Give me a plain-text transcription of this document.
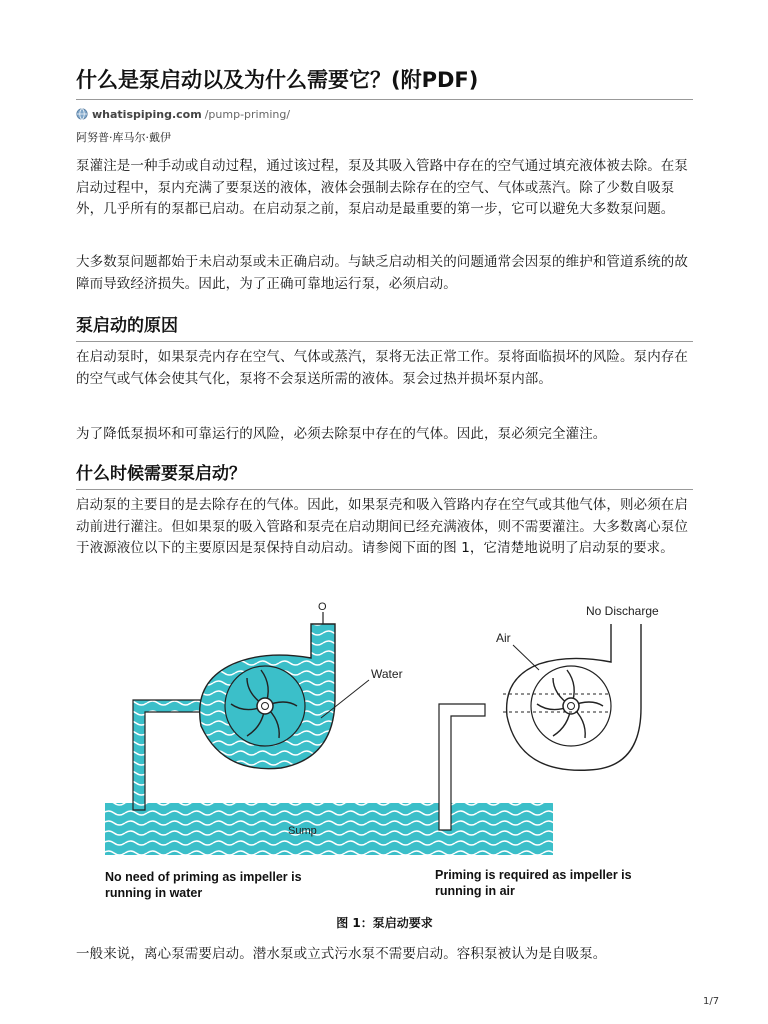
什么是泵启动以及为什么需要它？(附PDF)
whatispiping.com /pump-priming/
阿努普·库马尔·戴伊

泵灌注是一种手动或自动过程，通过该过程，泵及其吸入管路中存在的空气通过填充液体被去除。在泵启动过程中，泵内充满了要泵送的液体，液体会强制去除存在的空气、气体或蒸汽。除了少数自吸泵外，几乎所有的泵都已启动。在启动泵之前，泵启动是最重要的第一步，它可以避免大多数泵问题。

大多数泵问题都始于未启动泵或未正确启动。与缺乏启动相关的问题通常会因泵的维护和管道系统的故障而导致经济损失。因此，为了正确可靠地运行泵，必须启动。

泵启动的原因

在启动泵时，如果泵壳内存在空气、气体或蒸汽，泵将无法正常工作。泵将面临损坏的风险。泵内存在的空气或气体会使其气化，泵将不会泵送所需的液体。泵会过热并损坏泵内部。

为了降低泵损坏和可靠运行的风险，必须去除泵中存在的气体。因此，泵必须完全灌注。

什么时候需要泵启动？

启动泵的主要目的是去除存在的气体。因此，如果泵壳和吸入管路内存在空气或其他气体，则必须在启动前进行灌注。但如果泵的吸入管路和泵壳在启动期间已经充满液体，则不需要灌注。大多数离心泵位于液源液位以下的主要原因是泵保持自动启动。请参阅下面的图 1，它清楚地说明了启动泵的要求。

O
Water
Air
No Discharge
Sump
No need of priming as impeller is
running in water
Priming is required as impeller is
running in air
图 1：泵启动要求

一般来说，离心泵需要启动。潜水泵或立式污水泵不需要启动。容积泵被认为是自吸泵。

1/7
